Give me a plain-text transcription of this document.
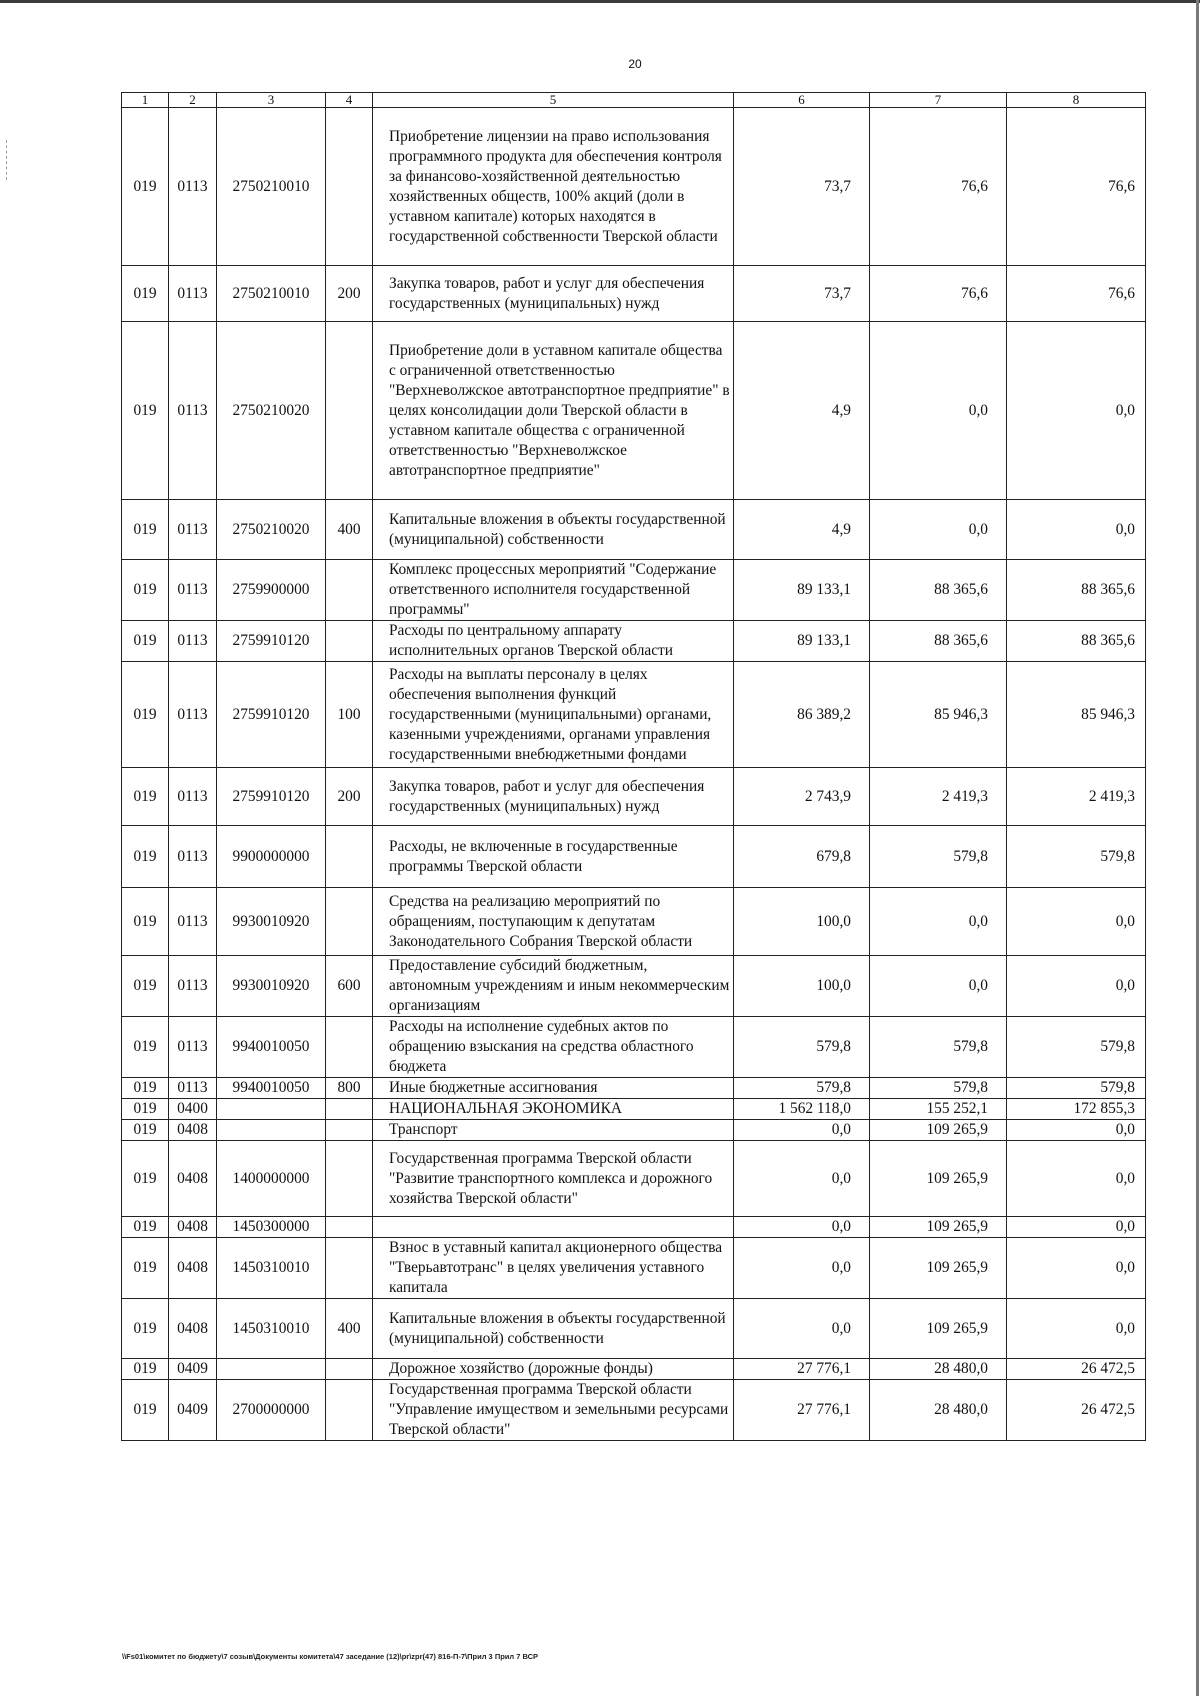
20
1	2	3	4	5	6	7	8
019	0113	2750210010		Приобретение лицензии на право использования программного продукта для обеспечения контроля за финансово-хозяйственной деятельностью хозяйственных обществ, 100% акций (доли в уставном капитале) которых находятся в государственной собственности Тверской области	73,7	76,6	76,6
019	0113	2750210010	200	Закупка товаров, работ и услуг для обеспечения государственных (муниципальных) нужд	73,7	76,6	76,6
019	0113	2750210020		Приобретение доли в уставном капитале общества с ограниченной ответственностью "Верхневолжское автотранспортное предприятие" в целях консолидации доли Тверской области в уставном капитале общества с ограниченной ответственностью "Верхневолжское автотранспортное предприятие"	4,9	0,0	0,0
019	0113	2750210020	400	Капитальные вложения в объекты государственной (муниципальной) собственности	4,9	0,0	0,0
019	0113	2759900000		Комплекс процессных мероприятий "Содержание ответственного исполнителя государственной программы"	89 133,1	88 365,6	88 365,6
019	0113	2759910120		Расходы по центральному аппарату исполнительных органов Тверской области	89 133,1	88 365,6	88 365,6
019	0113	2759910120	100	Расходы на выплаты персоналу в целях обеспечения выполнения функций государственными (муниципальными) органами, казенными учреждениями, органами управления государственными внебюджетными фондами	86 389,2	85 946,3	85 946,3
019	0113	2759910120	200	Закупка товаров, работ и услуг для обеспечения государственных (муниципальных) нужд	2 743,9	2 419,3	2 419,3
019	0113	9900000000		Расходы, не включенные в государственные программы Тверской области	679,8	579,8	579,8
019	0113	9930010920		Средства на реализацию мероприятий по обращениям, поступающим к депутатам Законодательного Собрания Тверской области	100,0	0,0	0,0
019	0113	9930010920	600	Предоставление субсидий бюджетным, автономным учреждениям и иным некоммерческим организациям	100,0	0,0	0,0
019	0113	9940010050		Расходы на исполнение судебных актов по обращению взыскания на средства областного бюджета	579,8	579,8	579,8
019	0113	9940010050	800	Иные бюджетные ассигнования	579,8	579,8	579,8
019	0400			НАЦИОНАЛЬНАЯ ЭКОНОМИКА	1 562 118,0	155 252,1	172 855,3
019	0408			Транспорт	0,0	109 265,9	0,0
019	0408	1400000000		Государственная программа Тверской области "Развитие транспортного комплекса и дорожного хозяйства Тверской области"	0,0	109 265,9	0,0
019	0408	1450300000			0,0	109 265,9	0,0
019	0408	1450310010		Взнос в уставный капитал акционерного общества "Тверьавтотранс" в целях увеличения уставного капитала	0,0	109 265,9	0,0
019	0408	1450310010	400	Капитальные вложения в объекты государственной (муниципальной) собственности	0,0	109 265,9	0,0
019	0409			Дорожное хозяйство (дорожные фонды)	27 776,1	28 480,0	26 472,5
019	0409	2700000000		Государственная программа Тверской области "Управление имуществом и земельными ресурсами Тверской области"	27 776,1	28 480,0	26 472,5
\\Fs01\комитет по бюджету\7 созыв\Документы комитета\47 заседание (12)\pr\zpr(47) 816-П-7\Прил 3 Прил 7 ВСР
